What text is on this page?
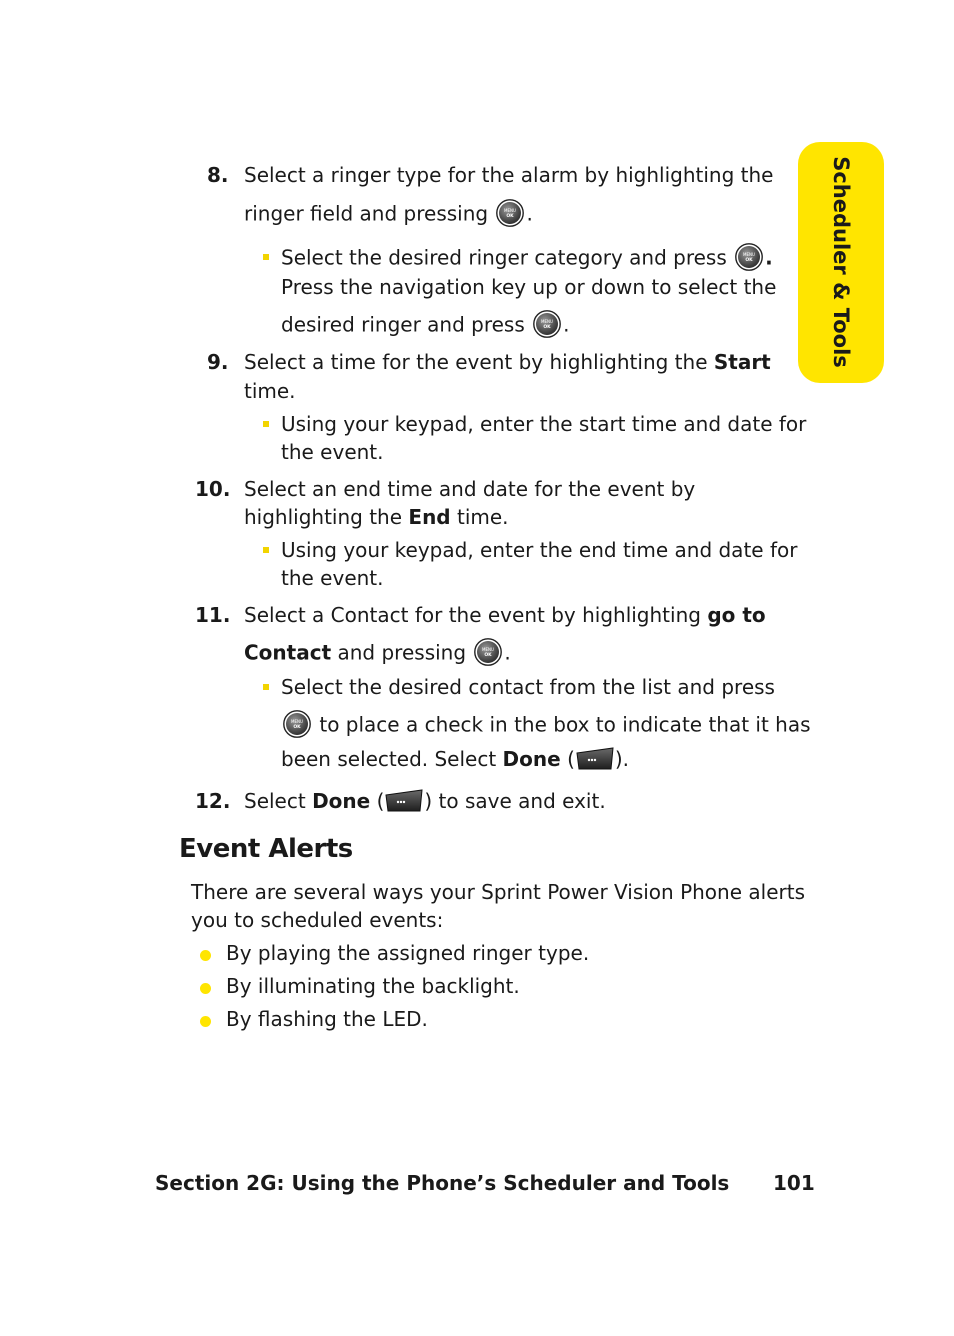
Scheduler & Tools
8. Select a ringer type for the alarm by highlighting the
ringer field and pressing	MENU
OK .
Select the desired ringer category and press	MENU
OK .
Press the navigation key up or down to select the
desired ringer and press	MENU
OK .
9. Select a time for the event by highlighting the Start
time.
Using your keypad, enter the start time and date for
the event.
10. Select an end time and date for the event by
highlighting the End time.
Using your keypad, enter the end time and date for
the event.
11. Select a Contact for the event by highlighting go to
Contact and pressing	MENU
OK .
Select the desired contact from the list and press
MENU
OK to place a check in the box to indicate that it has
been selected. Select Done ( ).
12. Select Done ( ) to save and exit.
Event Alerts
There are several ways your Sprint Power Vision Phone alerts
you to scheduled events:
By playing the assigned ringer type.
By illuminating the backlight.
By flashing the LED.
Section 2G: Using the Phone’s Scheduler and Tools 101
